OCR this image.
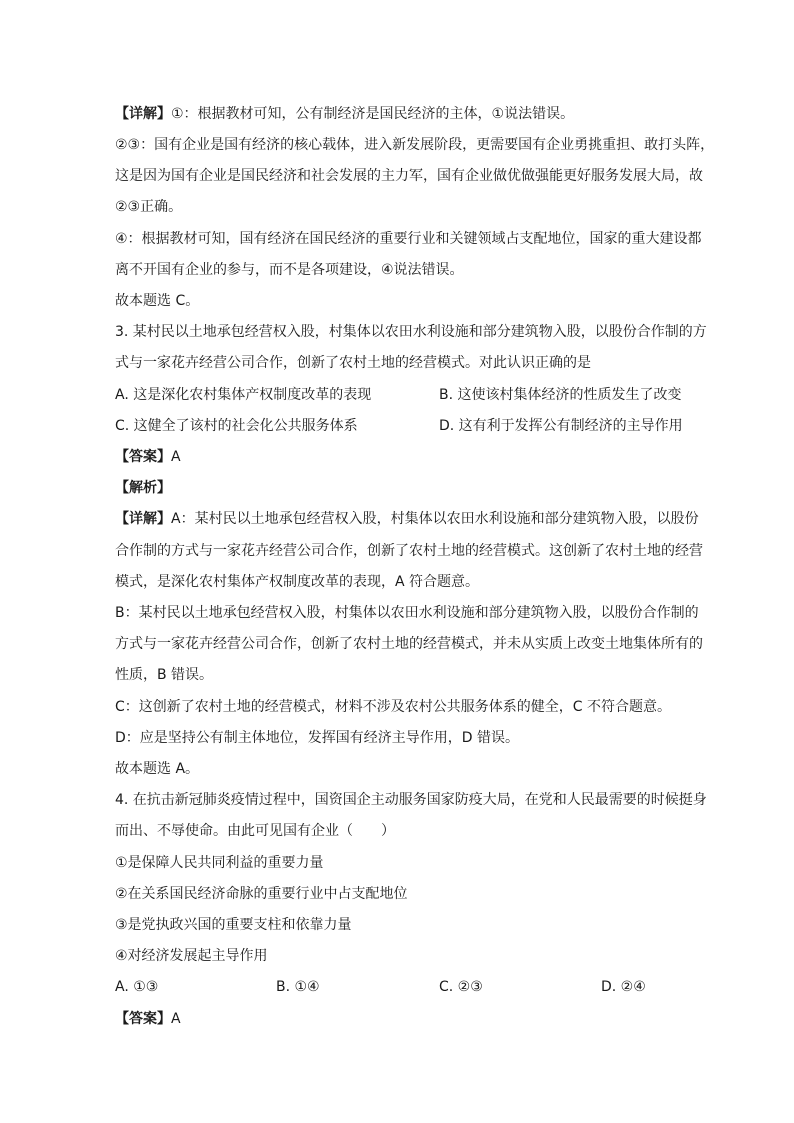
【详解】①：根据教材可知，公有制经济是国民经济的主体，①说法错误。
②③：国有企业是国有经济的核心载体，进入新发展阶段，更需要国有企业勇挑重担、敢打头阵，
这是因为国有企业是国民经济和社会发展的主力军，国有企业做优做强能更好服务发展大局，故
②③正确。
④：根据教材可知，国有经济在国民经济的重要行业和关键领域占支配地位，国家的重大建设都
离不开国有企业的参与，而不是各项建设，④说法错误。
故本题选 C。
3. 某村民以土地承包经营权入股，村集体以农田水利设施和部分建筑物入股，以股份合作制的方
式与一家花卉经营公司合作，创新了农村土地的经营模式。对此认识正确的是
A. 这是深化农村集体产权制度改革的表现	B. 这使该村集体经济的性质发生了改变
C. 这健全了该村的社会化公共服务体系	D. 这有利于发挥公有制经济的主导作用
【答案】A
【解析】
【详解】A：某村民以土地承包经营权入股，村集体以农田水利设施和部分建筑物入股，以股份
合作制的方式与一家花卉经营公司合作，创新了农村土地的经营模式。这创新了农村土地的经营
模式，是深化农村集体产权制度改革的表现，A 符合题意。
B：某村民以土地承包经营权入股，村集体以农田水利设施和部分建筑物入股，以股份合作制的
方式与一家花卉经营公司合作，创新了农村土地的经营模式，并未从实质上改变土地集体所有的
性质，B 错误。
C：这创新了农村土地的经营模式，材料不涉及农村公共服务体系的健全，C 不符合题意。
D：应是坚持公有制主体地位，发挥国有经济主导作用，D 错误。
故本题选 A。
4. 在抗击新冠肺炎疫情过程中，国资国企主动服务国家防疫大局，在党和人民最需要的时候挺身
而出、不辱使命。由此可见国有企业（　　）
①是保障人民共同利益的重要力量
②在关系国民经济命脉的重要行业中占支配地位
③是党执政兴国的重要支柱和依靠力量
④对经济发展起主导作用
A. ①③	B. ①④	C. ②③	D. ②④
【答案】A
